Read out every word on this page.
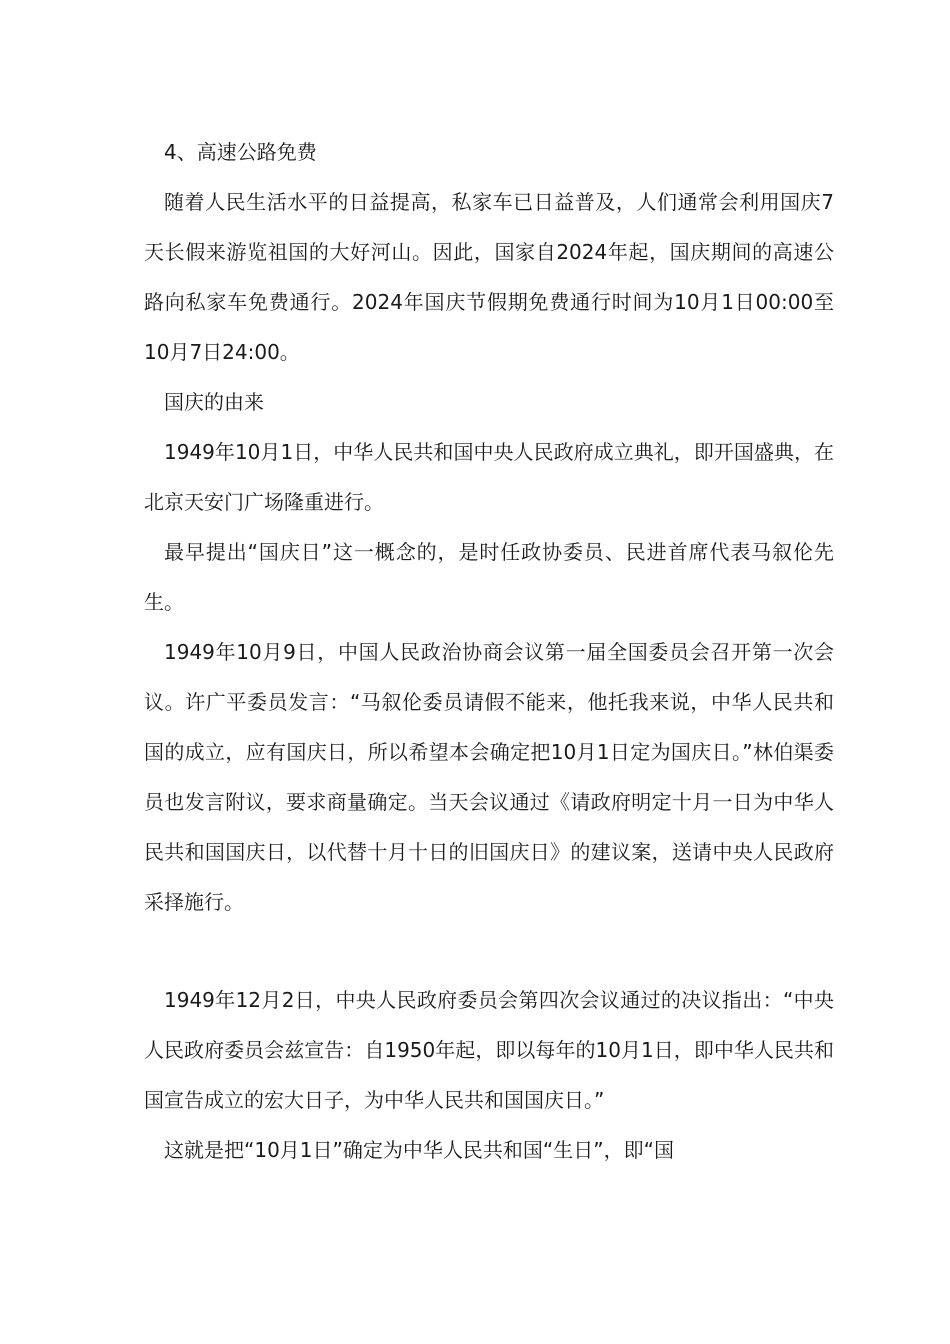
4、高速公路免费

随着人民生活水平的日益提高，私家车已日益普及，人们通常会利用国庆7天长假来游览祖国的大好河山。因此，国家自2024年起，国庆期间的高速公路向私家车免费通行。2024年国庆节假期免费通行时间为10月1日00:00至10月7日24:00。

国庆的由来

1949年10月1日，中华人民共和国中央人民政府成立典礼，即开国盛典，在北京天安门广场隆重进行。

最早提出“国庆日”这一概念的，是时任政协委员、民进首席代表马叙伦先生。

1949年10月9日，中国人民政治协商会议第一届全国委员会召开第一次会议。许广平委员发言：“马叙伦委员请假不能来，他托我来说，中华人民共和国的成立，应有国庆日，所以希望本会确定把10月1日定为国庆日。”林伯渠委员也发言附议，要求商量确定。当天会议通过《请政府明定十月一日为中华人民共和国国庆日，以代替十月十日的旧国庆日》的建议案，送请中央人民政府采择施行。

1949年12月2日，中央人民政府委员会第四次会议通过的决议指出：“中央人民政府委员会兹宣告：自1950年起，即以每年的10月1日，即中华人民共和国宣告成立的宏大日子，为中华人民共和国国庆日。”

这就是把“10月1日”确定为中华人民共和国“生日”，即“国
